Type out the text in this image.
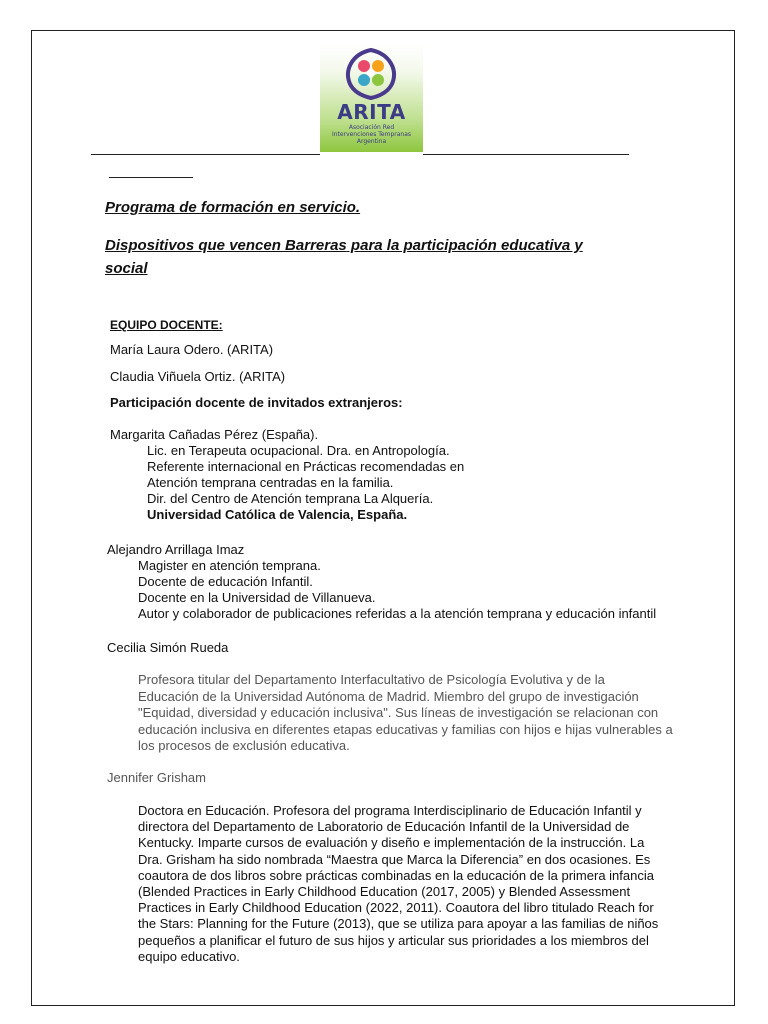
ARITA
Asociación Red
Intervenciones Tempranas
Argentina
Programa de formación en servicio.
Dispositivos que vencen Barreras para la participación educativa y
social
EQUIPO DOCENTE:
María Laura Odero. (ARITA)
Claudia Viñuela Ortiz. (ARITA)
Participación docente de invitados extranjeros:
Margarita Cañadas Pérez (España).
Lic. en Terapeuta ocupacional. Dra. en Antropología.
Referente internacional en Prácticas recomendadas en
Atención temprana centradas en la familia.
Dir. del Centro de Atención temprana La Alquería.
Universidad Católica de Valencia, España.
Alejandro Arrillaga Imaz
Magister en atención temprana.
Docente de educación Infantil.
Docente en la Universidad de Villanueva.
Autor y colaborador de publicaciones referidas a la atención temprana y educación infantil
Cecilia Simón Rueda
Profesora titular del Departamento Interfacultativo de Psicología Evolutiva y de la
Educación de la Universidad Autónoma de Madrid. Miembro del grupo de investigación
"Equidad, diversidad y educación inclusiva". Sus líneas de investigación se relacionan con
educación inclusiva en diferentes etapas educativas y familias con hijos e hijas vulnerables a
los procesos de exclusión educativa.
Jennifer Grisham
Doctora en Educación. Profesora del programa Interdisciplinario de Educación Infantil y
directora del Departamento de Laboratorio de Educación Infantil de la Universidad de
Kentucky. Imparte cursos de evaluación y diseño e implementación de la instrucción. La
Dra. Grisham ha sido nombrada “Maestra que Marca la Diferencia” en dos ocasiones. Es
coautora de dos libros sobre prácticas combinadas en la educación de la primera infancia
(Blended Practices in Early Childhood Education (2017, 2005) y Blended Assessment
Practices in Early Childhood Education (2022, 2011). Coautora del libro titulado Reach for
the Stars: Planning for the Future (2013), que se utiliza para apoyar a las familias de niños
pequeños a planificar el futuro de sus hijos y articular sus prioridades a los miembros del
equipo educativo.
